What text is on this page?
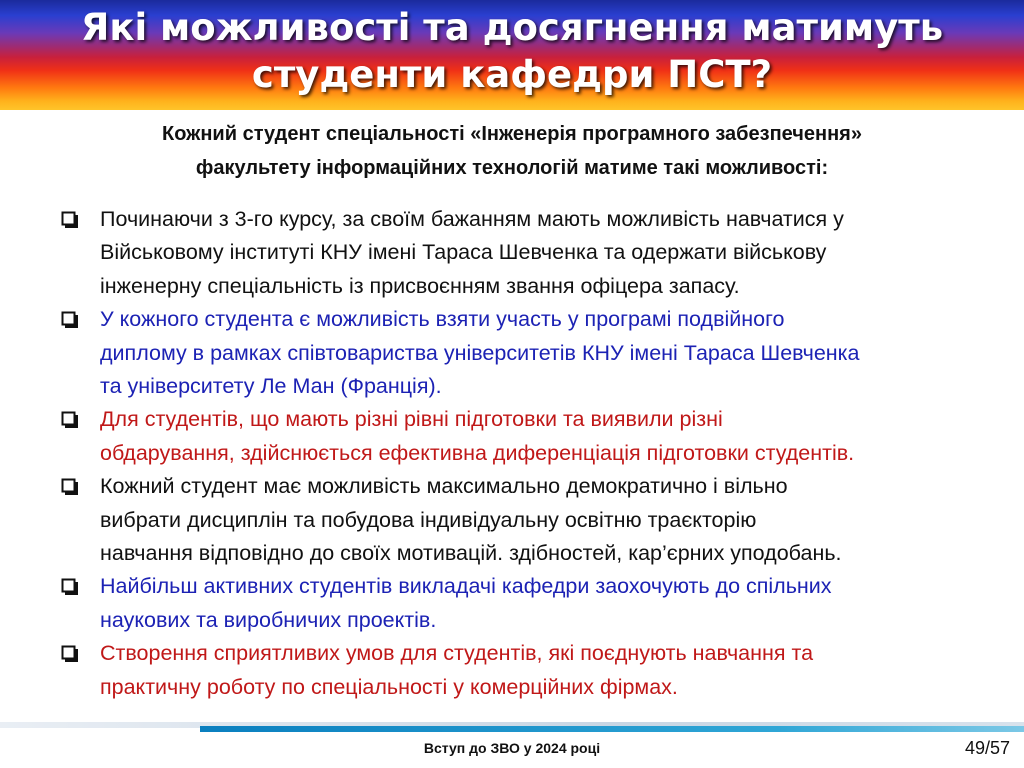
Які можливості та досягнення матимуть студенти кафедри ПСТ?
Кожний студент спеціальності «Інженерія програмного забезпечення»
факультету інформаційних технологій матиме такі можливості:
Починаючи з 3-го курсу, за своїм бажанням мають можливість навчатися у
Військовому інституті КНУ імені Тараса Шевченка та одержати військову
інженерну спеціальність із присвоєнням звання офіцера запасу.
У кожного студента є можливість взяти участь у програмі подвійного
диплому в рамках співтовариства університетів КНУ імені Тараса Шевченка
та університету Ле Ман (Франція).
Для студентів, що мають різні рівні підготовки та виявили різні
обдарування, здійснюється ефективна диференціація підготовки студентів.
Кожний студент має можливість максимально демократично і вільно
вибрати дисциплін та побудова індивідуальну освітню траєкторію
навчання відповідно до своїх мотивацій. здібностей, кар’єрних уподобань.
Найбільш активних студентів викладачі кафедри заохочують до спільних
наукових та виробничих проектів.
Створення сприятливих умов для студентів, які поєднують навчання та
практичну роботу по спеціальності у комерційних фірмах.

Вступ до ЗВО у 2024 році	49/57
